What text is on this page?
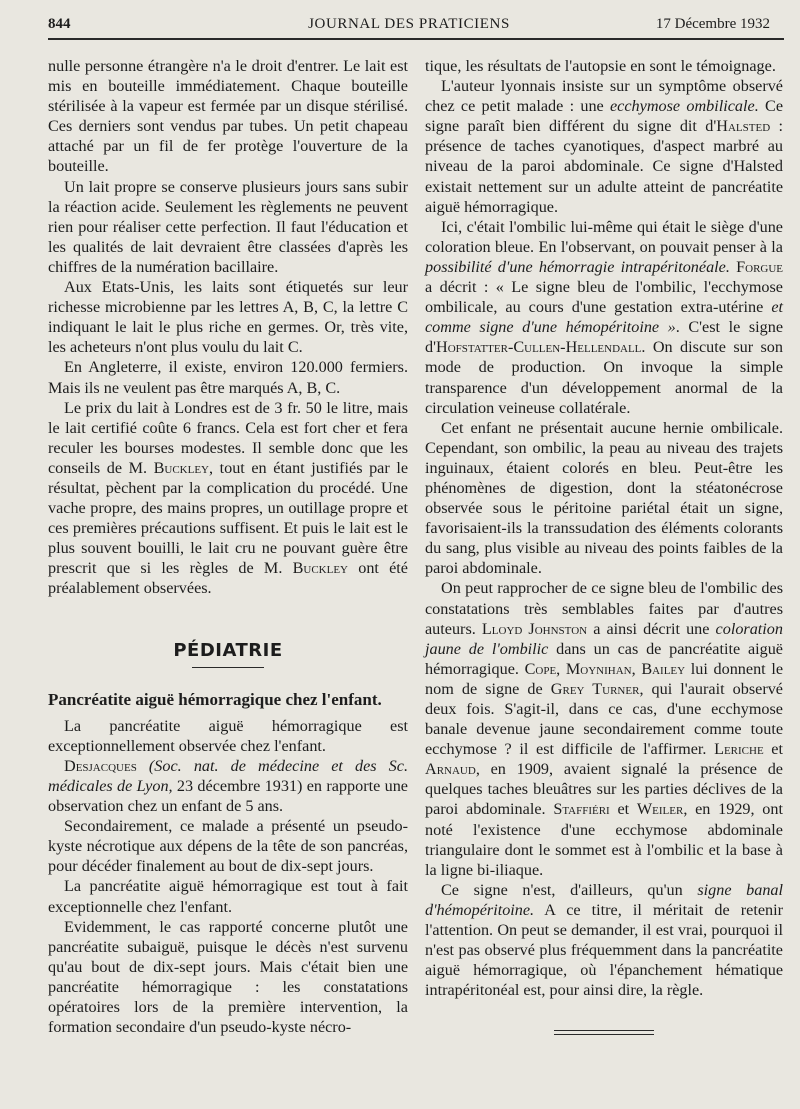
844	JOURNAL DES PRATICIENS	17 Décembre 1932

nulle personne étrangère n'a le droit d'entrer. Le lait est mis en bouteille immédiatement. Chaque bouteille stérilisée à la vapeur est fermée par un disque stérilisé. Ces derniers sont vendus par tubes. Un petit chapeau attaché par un fil de fer protège l'ouverture de la bouteille.

Un lait propre se conserve plusieurs jours sans subir la réaction acide. Seulement les règlements ne peuvent rien pour réaliser cette perfection. Il faut l'éducation et les qualités de lait devraient être classées d'après les chiffres de la numération bacillaire.

Aux Etats-Unis, les laits sont étiquetés sur leur richesse microbienne par les lettres A, B, C, la lettre C indiquant le lait le plus riche en germes. Or, très vite, les acheteurs n'ont plus voulu du lait C.

En Angleterre, il existe, environ 120.000 fermiers. Mais ils ne veulent pas être marqués A, B, C.

Le prix du lait à Londres est de 3 fr. 50 le litre, mais le lait certifié coûte 6 francs. Cela est fort cher et fera reculer les bourses modestes. Il semble donc que les conseils de M. Buckley, tout en étant justifiés par le résultat, pèchent par la complication du procédé. Une vache propre, des mains propres, un outillage propre et ces premières précautions suffisent. Et puis le lait est le plus souvent bouilli, le lait cru ne pouvant guère être prescrit que si les règles de M. Buckley ont été préalablement observées.

PÉDIATRIE

Pancréatite aiguë hémorragique chez l'enfant.

La pancréatite aiguë hémorragique est exceptionnellement observée chez l'enfant.

Desjacques (Soc. nat. de médecine et des Sc. médicales de Lyon, 23 décembre 1931) en rapporte une observation chez un enfant de 5 ans.

Secondairement, ce malade a présenté un pseudo-kyste nécrotique aux dépens de la tête de son pancréas, pour décéder finalement au bout de dix-sept jours.

La pancréatite aiguë hémorragique est tout à fait exceptionnelle chez l'enfant.

Evidemment, le cas rapporté concerne plutôt une pancréatite subaiguë, puisque le décès n'est survenu qu'au bout de dix-sept jours. Mais c'était bien une pancréatite hémorragique : les constatations opératoires lors de la première intervention, la formation secondaire d'un pseudo-kyste nécro-

tique, les résultats de l'autopsie en sont le témoignage.

L'auteur lyonnais insiste sur un symptôme observé chez ce petit malade : une ecchymose ombilicale. Ce signe paraît bien différent du signe dit d'Halsted : présence de taches cyanotiques, d'aspect marbré au niveau de la paroi abdominale. Ce signe d'Halsted existait nettement sur un adulte atteint de pancréatite aiguë hémorragique.

Ici, c'était l'ombilic lui-même qui était le siège d'une coloration bleue. En l'observant, on pouvait penser à la possibilité d'une hémorragie intrapéritonéale. Forgue a décrit : « Le signe bleu de l'ombilic, l'ecchymose ombilicale, au cours d'une gestation extra-utérine et comme signe d'une hémopéritoine ». C'est le signe d'Hofstatter-Cullen-Hellendall. On discute sur son mode de production. On invoque la simple transparence d'un développement anormal de la circulation veineuse collatérale.

Cet enfant ne présentait aucune hernie ombilicale. Cependant, son ombilic, la peau au niveau des trajets inguinaux, étaient colorés en bleu. Peut-être les phénomènes de digestion, dont la stéatonécrose observée sous le péritoine pariétal était un signe, favorisaient-ils la transsudation des éléments colorants du sang, plus visible au niveau des points faibles de la paroi abdominale.

On peut rapprocher de ce signe bleu de l'ombilic des constatations très semblables faites par d'autres auteurs. Lloyd Johnston a ainsi décrit une coloration jaune de l'ombilic dans un cas de pancréatite aiguë hémorragique. Cope, Moynihan, Bailey lui donnent le nom de signe de Grey Turner, qui l'aurait observé deux fois. S'agit-il, dans ce cas, d'une ecchymose banale devenue jaune secondairement comme toute ecchymose ? il est difficile de l'affirmer. Leriche et Arnaud, en 1909, avaient signalé la présence de quelques taches bleuâtres sur les parties déclives de la paroi abdominale. Staffiéri et Weiler, en 1929, ont noté l'existence d'une ecchymose abdominale triangulaire dont le sommet est à l'ombilic et la base à la ligne bi-iliaque.

Ce signe n'est, d'ailleurs, qu'un signe banal d'hémopéritoine. A ce titre, il méritait de retenir l'attention. On peut se demander, il est vrai, pourquoi il n'est pas observé plus fréquemment dans la pancréatite aiguë hémorragique, où l'épanchement hématique intrapéritonéal est, pour ainsi dire, la règle.
